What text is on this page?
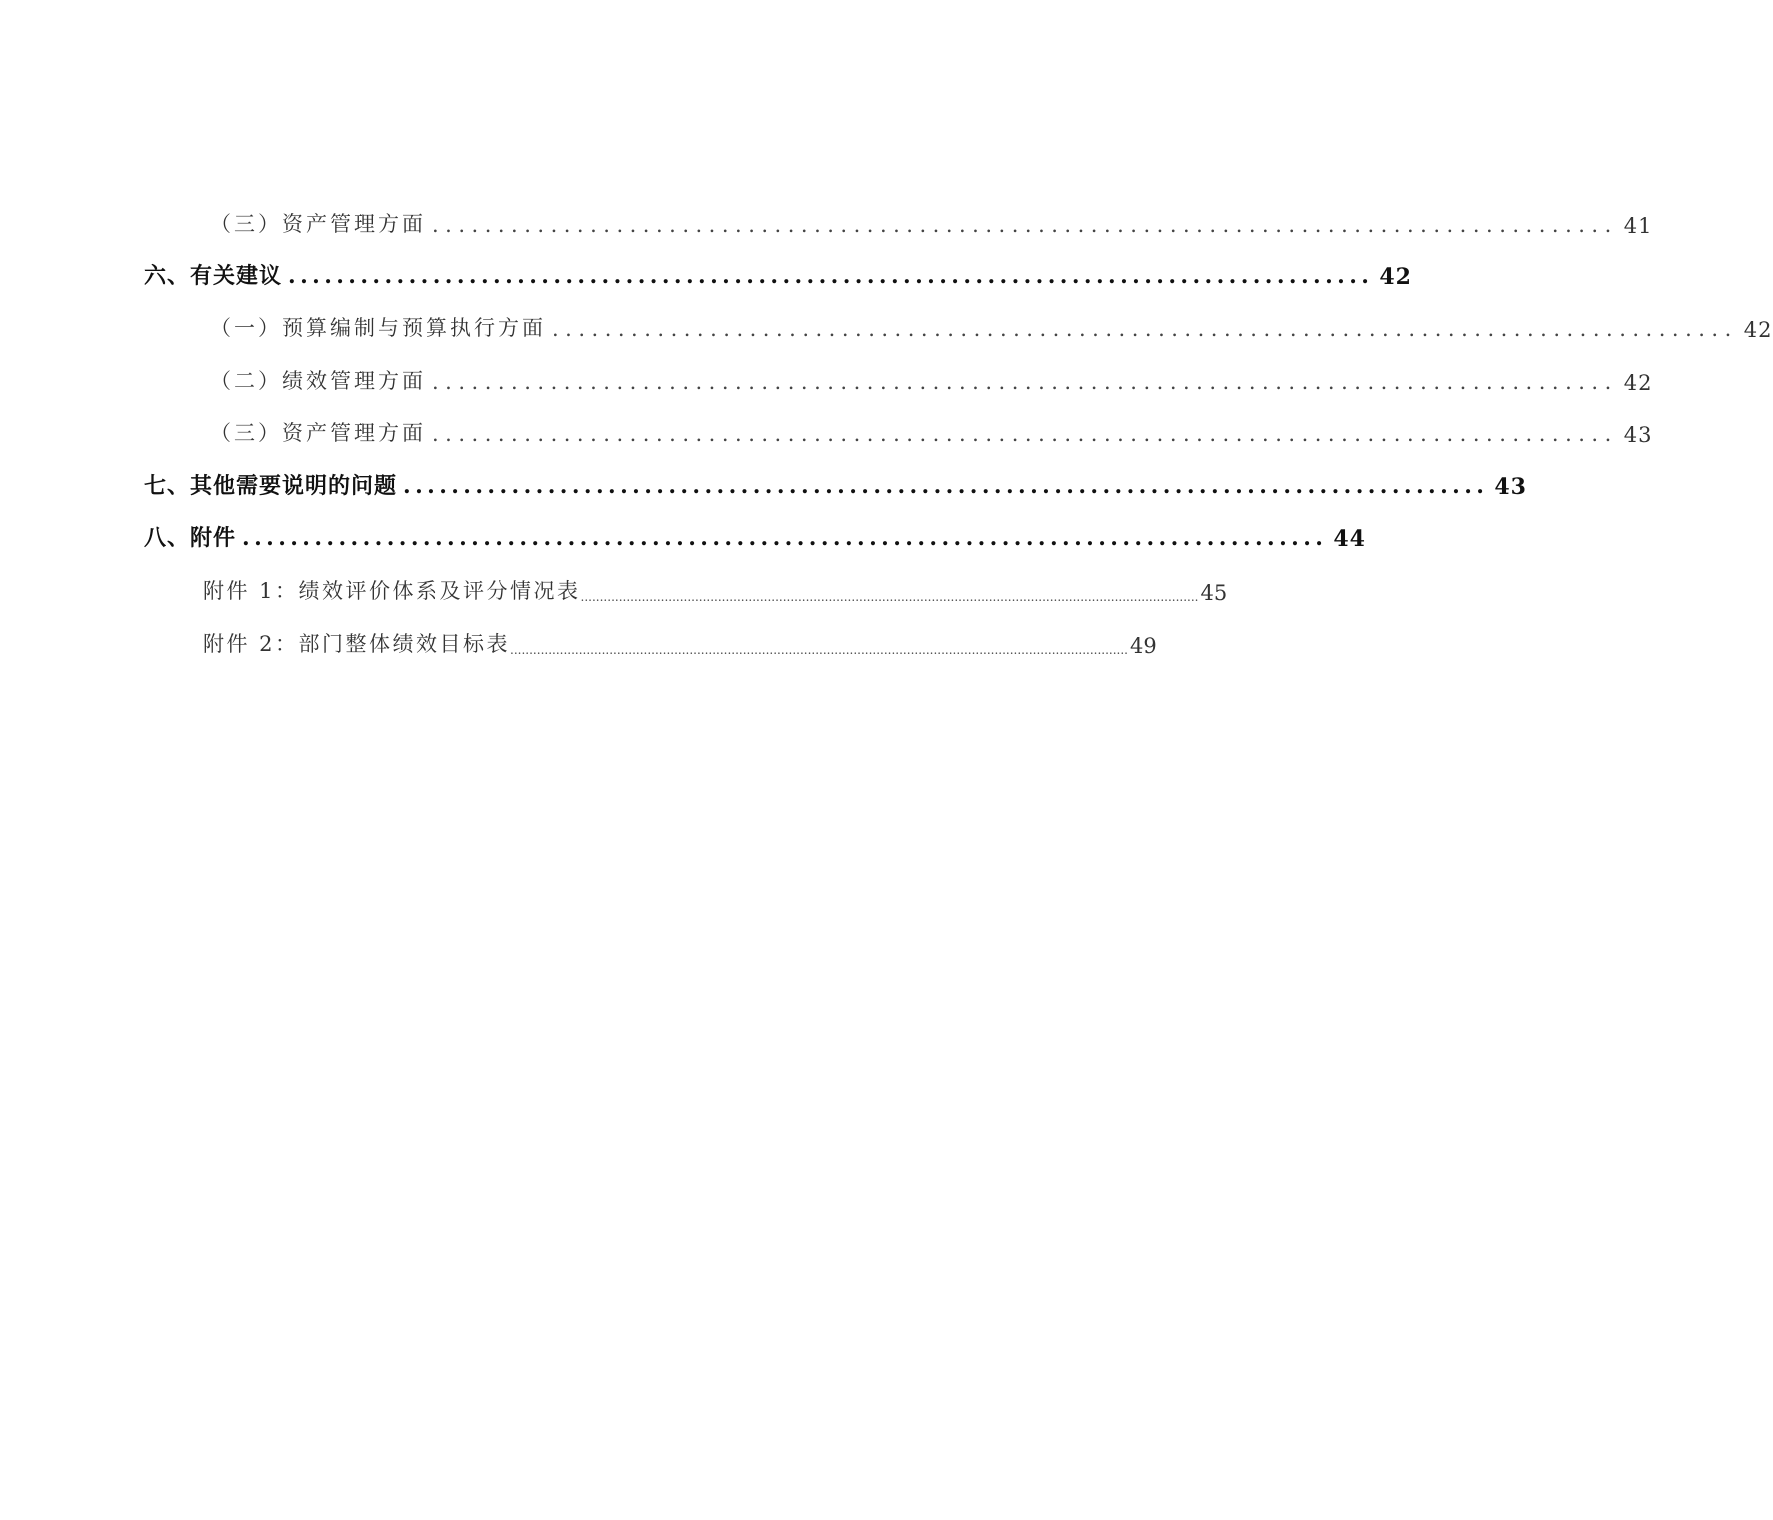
（三）资产管理方面 .......................................................................................... 41
六、有关建议 .......................................................................................... 42
（一）预算编制与预算执行方面 .......................................................................................... 42
（二）绩效管理方面 .......................................................................................... 42
（三）资产管理方面 .......................................................................................... 43
七、其他需要说明的问题 .......................................................................................... 43
八、附件 .......................................................................................... 44
附件 1：绩效评价体系及评分情况表 .................................................................................................................................................................. 45
附件 2：部门整体绩效目标表 .................................................................................................................................................................. 49
